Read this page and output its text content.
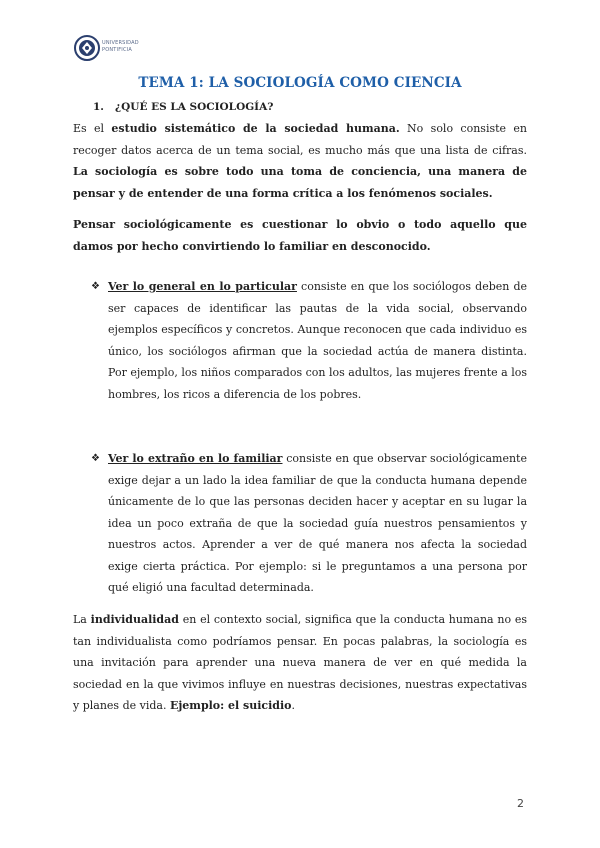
UNIVERSIDAD PONTIFICIA
TEMA 1: LA SOCIOLOGÍA COMO CIENCIA
1. ¿QUÉ ES LA SOCIOLOGÍA?

Es el estudio sistemático de la sociedad humana. No solo consiste en recoger datos acerca de un tema social, es mucho más que una lista de cifras. La sociología es sobre todo una toma de conciencia, una manera de pensar y de entender de una forma crítica a los fenómenos sociales.

Pensar sociológicamente es cuestionar lo obvio o todo aquello que damos por hecho convirtiendo lo familiar en desconocido.

❖ Ver lo general en lo particular consiste en que los sociólogos deben de ser capaces de identificar las pautas de la vida social, observando ejemplos específicos y concretos. Aunque reconocen que cada individuo es único, los sociólogos afirman que la sociedad actúa de manera distinta. Por ejemplo, los niños comparados con los adultos, las mujeres frente a los hombres, los ricos a diferencia de los pobres.

❖ Ver lo extraño en lo familiar consiste en que observar sociológicamente exige dejar a un lado la idea familiar de que la conducta humana depende únicamente de lo que las personas deciden hacer y aceptar en su lugar la idea un poco extraña de que la sociedad guía nuestros pensamientos y nuestros actos. Aprender a ver de qué manera nos afecta la sociedad exige cierta práctica. Por ejemplo: si le preguntamos a una persona por qué eligió una facultad determinada.

La individualidad en el contexto social, significa que la conducta humana no es tan individualista como podríamos pensar. En pocas palabras, la sociología es una invitación para aprender una nueva manera de ver en qué medida la sociedad en la que vivimos influye en nuestras decisiones, nuestras expectativas y planes de vida. Ejemplo: el suicidio.

2
